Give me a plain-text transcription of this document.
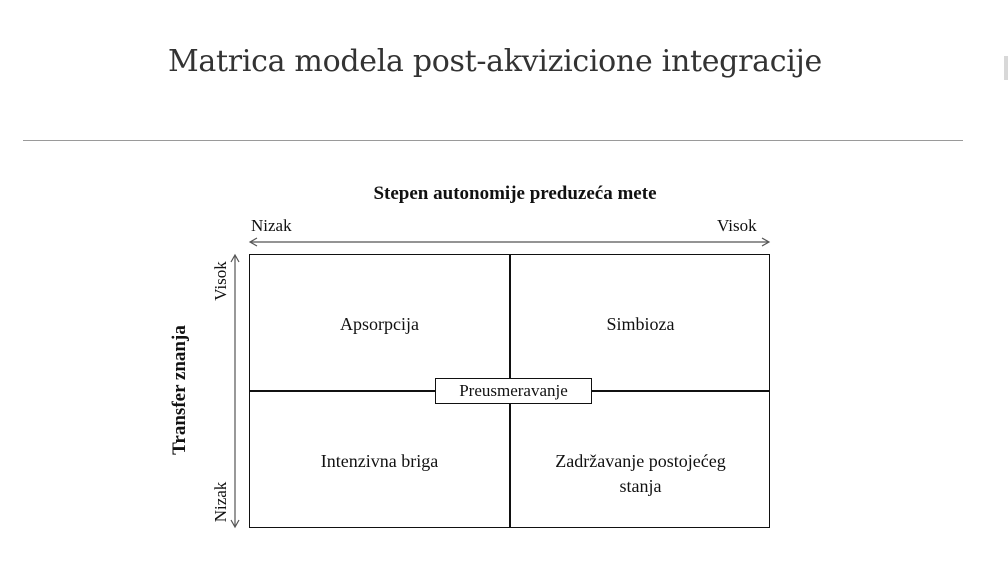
Matrica modela post-akvizicione integracije
Stepen autonomije preduzeća mete
Nizak	Visok
Transfer znanja
Visok
Nizak
Apsorpcija	Simbioza
Intenzivna briga	Zadržavanje postojećeg
stanja
Preusmeravanje
